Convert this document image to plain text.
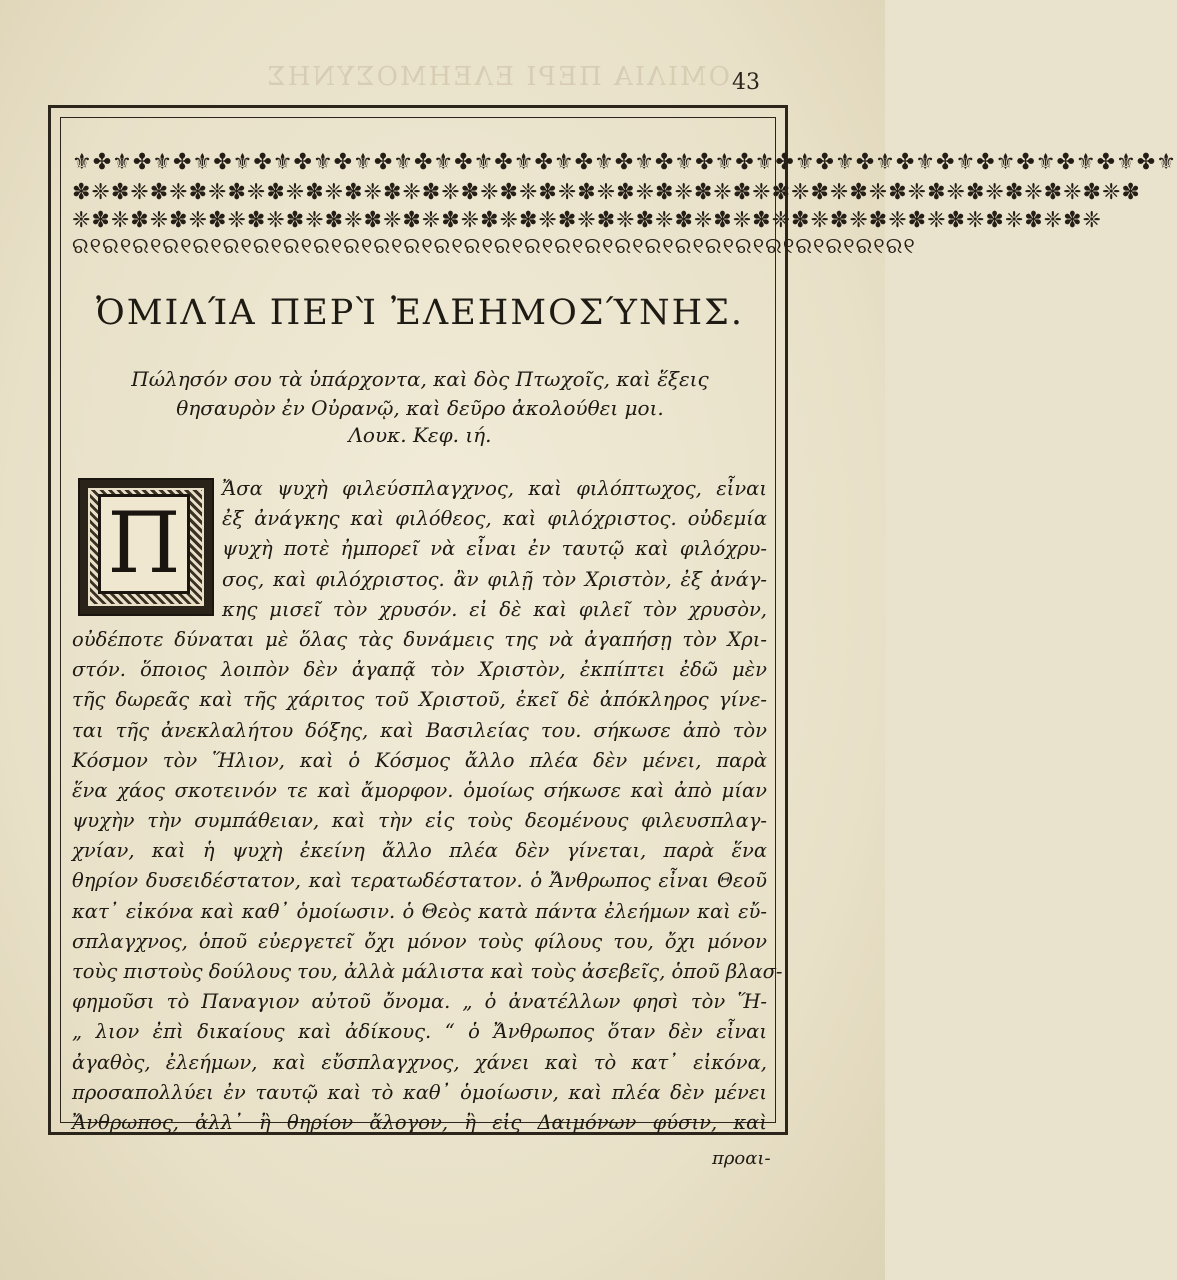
ΟΜΙΛΙΑ ΠΕΡΙ ΕΛΕΗΜΟΣΥΝΗΣ 43
⚜✤⚜✤⚜✤⚜✤⚜✤⚜✤⚜✤⚜✤⚜✤⚜✤⚜✤⚜✤⚜✤⚜✤⚜✤⚜✤⚜✤⚜✤⚜✤⚜✤⚜✤⚜✤⚜✤⚜✤⚜✤⚜✤⚜✤⚜
✽❈✽❈✽❈✽❈✽❈✽❈✽❈✽❈✽❈✽❈✽❈✽❈✽❈✽❈✽❈✽❈✽❈✽❈✽❈✽❈✽❈✽❈✽❈✽❈✽❈✽❈✽❈✽
❈✽❈✽❈✽❈✽❈✽❈✽❈✽❈✽❈✽❈✽❈✽❈✽❈✽❈✽❈✽❈✽❈✽❈✽❈✽❈✽❈✽❈✽❈✽❈✽❈✽❈✽❈
ର୧ର୧ର୧ର୧ର୧ର୧ର୧ର୧ର୧ର୧ର୧ର୧ର୧ର୧ର୧ର୧ର୧ର୧ର୧ର୧ର୧ର୧ର୧ର୧ର୧ର୧ର୧ର୧
ὈΜΙΛΊΑ ΠΕΡῚ ἘΛΕΗΜΟΣΎΝΗΣ.
Πώλησόν σου τὰ ὑπάρχοντα, καὶ δὸς Πτωχοῖς, καὶ ἕξεις
θησαυρὸν ἐν Οὐρανῷ, καὶ δεῦρο ἀκολούθει μοι.
Λουκ. Κεφ. ιή.
Π
Ἄσα ψυχὴ φιλεύσπλαγχνος, καὶ φιλόπτωχος, εἶναι
ἐξ ἀνάγκης καὶ φιλόθεος, καὶ φιλόχριστος. οὐδεμία
ψυχὴ ποτὲ ἠμπορεῖ νὰ εἶναι ἐν ταυτῷ καὶ φιλόχρυ-
σος, καὶ φιλόχριστος. ἂν φιλῇ τὸν Χριστὸν, ἐξ ἀνάγ-
κης μισεῖ τὸν χρυσόν. εἰ δὲ καὶ φιλεῖ τὸν χρυσὸν,
οὐδέποτε δύναται μὲ ὅλας τὰς δυνάμεις της νὰ ἀγαπήσῃ τὸν Χρι-
στόν. ὅποιος λοιπὸν δὲν ἀγαπᾷ τὸν Χριστὸν, ἐκπίπτει ἐδῶ μὲν
τῆς δωρεᾶς καὶ τῆς χάριτος τοῦ Χριστοῦ, ἐκεῖ δὲ ἀπόκληρος γίνε-
ται τῆς ἀνεκλαλήτου δόξης, καὶ Βασιλείας του. σήκωσε ἀπὸ τὸν
Κόσμον τὸν Ἥλιον, καὶ ὁ Κόσμος ἄλλο πλέα δὲν μένει, παρὰ
ἕνα χάος σκοτεινόν τε καὶ ἄμορφον. ὁμοίως σήκωσε καὶ ἀπὸ μίαν
ψυχὴν τὴν συμπάθειαν, καὶ τὴν εἰς τοὺς δεομένους φιλευσπλαγ-
χνίαν, καὶ ἡ ψυχὴ ἐκείνη ἄλλο πλέα δὲν γίνεται, παρὰ ἕνα
θηρίον δυσειδέστατον, καὶ τερατωδέστατον. ὁ Ἄνθρωπος εἶναι Θεοῦ
κατ᾽ εἰκόνα καὶ καθ᾽ ὁμοίωσιν. ὁ Θεὸς κατὰ πάντα ἐλεήμων καὶ εὔ-
σπλαγχνος, ὁποῦ εὐεργετεῖ ὄχι μόνον τοὺς φίλους του, ὄχι μόνον
τοὺς πιστοὺς δούλους του, ἀλλὰ μάλιστα καὶ τοὺς ἀσεβεῖς, ὁποῦ βλασ-
φημοῦσι τὸ Παναγιον αὐτοῦ ὄνομα. „ ὁ ἀνατέλλων φησὶ τὸν Ἥ-
„ λιον ἐπὶ δικαίους καὶ ἀδίκους. “ ὁ Ἄνθρωπος ὅταν δὲν εἶναι
ἀγαθὸς, ἐλεήμων, καὶ εὔσπλαγχνος, χάνει καὶ τὸ κατ᾽ εἰκόνα,
προσαπολλύει ἐν ταυτῷ καὶ τὸ καθ᾽ ὁμοίωσιν, καὶ πλέα δὲν μένει
Ἄνθρωπος, ἀλλ᾽ ἢ θηρίον ἄλογον, ἢ εἰς Δαιμόνων φύσιν, καὶ
προαι-
